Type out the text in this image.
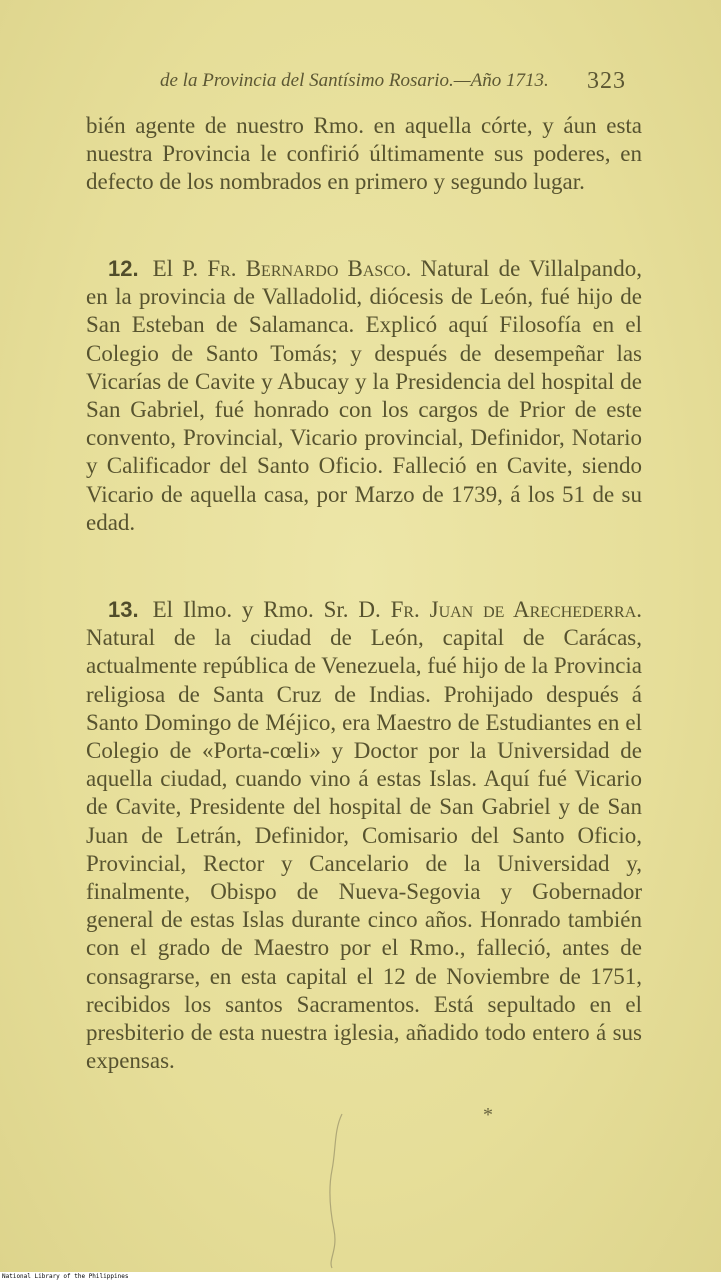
de la Provincia del Santísimo Rosario.—Año 1713. 323
bién agente de nuestro Rmo. en aquella córte, y áun esta nuestra Provincia le confirió últimamente sus poderes, en defecto de los nombrados en primero y segundo lugar.
12. El P. Fr. Bernardo Basco. Natural de Villalpando, en la provincia de Valladolid, diócesis de León, fué hijo de San Esteban de Salamanca. Explicó aquí Filosofía en el Colegio de Santo Tomás; y después de desempeñar las Vicarías de Cavite y Abucay y la Presidencia del hospital de San Gabriel, fué honrado con los cargos de Prior de este convento, Provincial, Vicario provincial, Definidor, Notario y Calificador del Santo Oficio. Falleció en Cavite, siendo Vicario de aquella casa, por Marzo de 1739, á los 51 de su edad.
13. El Ilmo. y Rmo. Sr. D. Fr. Juan de Arechederra. Natural de la ciudad de León, capital de Carácas, actualmente república de Venezuela, fué hijo de la Provincia religiosa de Santa Cruz de Indias. Prohijado después á Santo Domingo de Méjico, era Maestro de Estudiantes en el Colegio de «Porta-cœli» y Doctor por la Universidad de aquella ciudad, cuando vino á estas Islas. Aquí fué Vicario de Cavite, Presidente del hospital de San Gabriel y de San Juan de Letrán, Definidor, Comisario del Santo Oficio, Provincial, Rector y Cancelario de la Universidad y, finalmente, Obispo de Nueva-Segovia y Gobernador general de estas Islas durante cinco años. Honrado también con el grado de Maestro por el Rmo., falleció, antes de consagrarse, en esta capital el 12 de Noviembre de 1751, recibidos los santos Sacramentos. Está sepultado en el presbiterio de esta nuestra iglesia, añadido todo entero á sus expensas.
*
National Library of the Philippines
